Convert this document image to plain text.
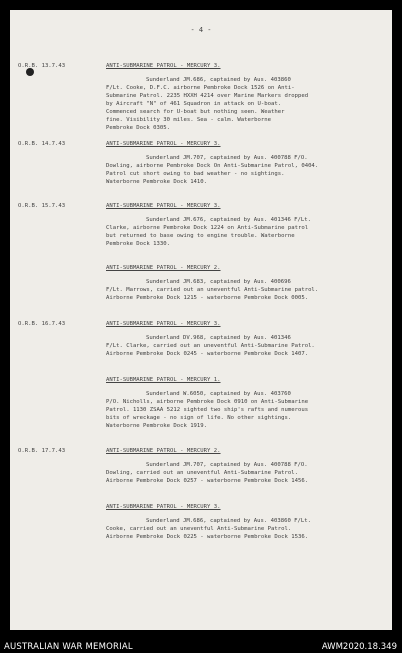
- 4 -
O.R.B. 13.7.43	ANTI-SUBMARINE PATROL - MERCURY 3.
Sunderland JM.686, captained by Aus. 403860
F/Lt. Cooke, D.F.C. airborne Pembroke Dock 1526 on Anti-
Submarine Patrol. 2235 HXXH 4214 over Marine Markers dropped
by Aircraft "N" of 461 Squadron in attack on U-boat.
Commenced search for U-boat but nothing seen. Weather
fine. Visibility 30 miles. Sea - calm. Waterborne
Pembroke Dock 0305.
O.R.B. 14.7.43	ANTI-SUBMARINE PATROL - MERCURY 3.
Sunderland JM.707, captained by Aus. 400788 F/O.
Dowling, airborne Pembroke Dock On Anti-Submarine Patrol, 0404.
Patrol cut short owing to bad weather - no sightings.
Waterborne Pembroke Dock 1410.
O.R.B. 15.7.43	ANTI-SUBMARINE PATROL - MERCURY 3.
Sunderland JM.676, captained by Aus. 401346 F/Lt.
Clarke, airborne Pembroke Dock 1224 on Anti-Submarine patrol
but returned to base owing to engine trouble. Waterborne
Pembroke Dock 1330.
ANTI-SUBMARINE PATROL - MERCURY 2.
Sunderland JM.683, captained by Aus. 400696
F/Lt. Marrows, carried out an uneventful Anti-Submarine patrol.
Airborne Pembroke Dock 1215 - waterborne Pembroke Dock 0005.
O.R.B. 16.7.43	ANTI-SUBMARINE PATROL - MERCURY 3.
Sunderland DV.968, captained by Aus. 401346
F/Lt. Clarke, carried out an uneventful Anti-Submarine Patrol.
Airborne Pembroke Dock 0245 - waterborne Pembroke Dock 1407.
ANTI-SUBMARINE PATROL - MERCURY 1.
Sunderland W.6050, captained by Aus. 403760
P/O. Nicholls, airborne Pembroke Dock 0910 on Anti-Submarine
Patrol. 1130 ZSAA 5212 sighted two ship's rafts and numerous
bits of wreckage - no sign of life. No other sightings.
Waterborne Pembroke Dock 1919.
O.R.B. 17.7.43	ANTI-SUBMARINE PATROL - MERCURY 2.
Sunderland JM.707, captained by Aus. 400788 F/O.
Dowling, carried out an uneventful Anti-Submarine Patrol.
Airborne Pembroke Dock 0257 - waterborne Pembroke Dock 1456.
ANTI-SUBMARINE PATROL - MERCURY 3.
Sunderland JM.686, captained by Aus. 403860 F/Lt.
Cooke, carried out an uneventful Anti-Submarine Patrol.
Airborne Pembroke Dock 0225 - waterborne Pembroke Dock 1536.
AUSTRALIAN WAR MEMORIAL	AWM2020.18.349
